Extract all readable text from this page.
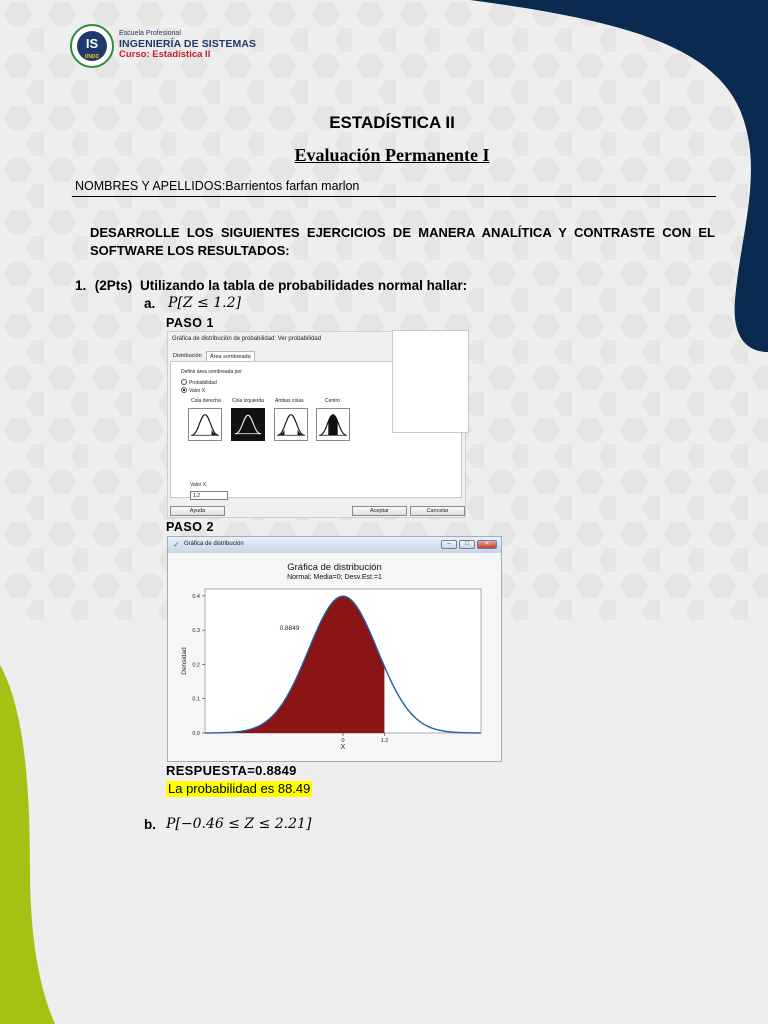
IS
UNDC
Escuela Profesional
INGENIERÍA DE SISTEMAS
Curso: Estadística II
ESTADÍSTICA II
Evaluación Permanente I
NOMBRES Y APELLIDOS:Barrientos farfan marlon
DESARROLLE LOS SIGUIENTES EJERCICIOS DE MANERA ANALÍTICA Y CONTRASTE CON EL SOFTWARE LOS RESULTADOS:
1. (2Pts) Utilizando la tabla de probabilidades normal hallar:
a. P[Z ≤ 1.2]
PASO 1
Gráfica de distribución de probabilidad: Ver probabilidad
Distribución	Área sombreada
Definir área sombreada por
Probabilidad
Valor X
Cola derecha Cola izquierda Ambas colas	Centro
Valor X:
1.2
Ayuda	Aceptar	Cancelar
PASO 2
✓ Gráfica de distribución	–	□	✕
Gráfica de distribución
Normal; Media=0; Desv.Est.=1
0.0
0.1
0.2
0.3
0.4
0	1.2
X
Densidad
0.8849
RESPUESTA=0.8849
La probabilidad es 88.49
b. P[−0.46 ≤ Z ≤ 2.21]
